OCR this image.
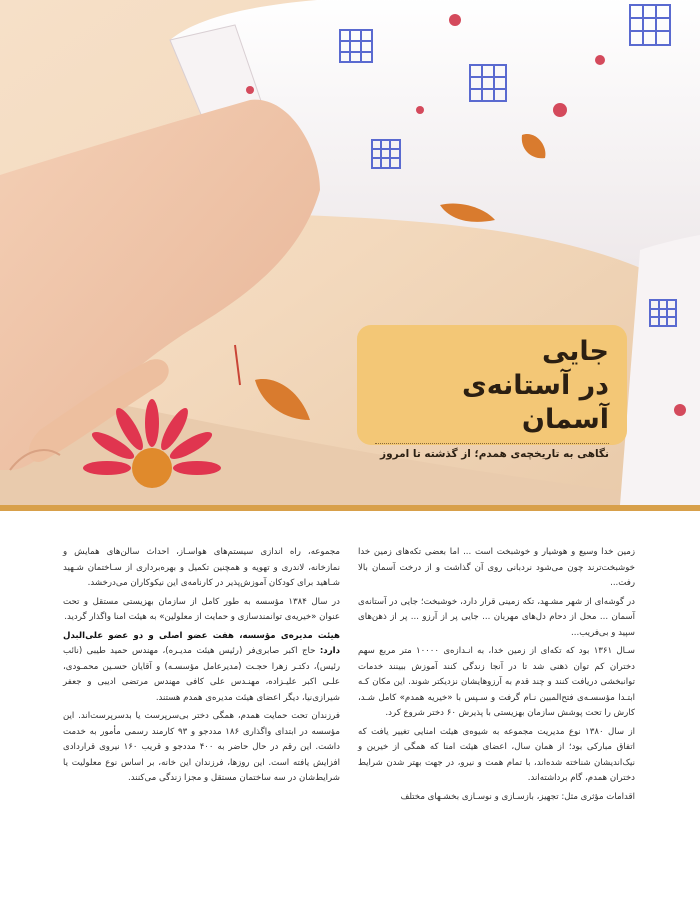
جایی

در آستانه‌ی آسمان

نگاهی به تاریخچه‌ی همدم؛ از گذشته تا امروز

زمین خدا وسیع و هوشیار و خوشبخت است ... اما بعضی تکه‌های زمین خدا خوشبخت‌ترند چون می‌شود نردبانی روی آن گذاشت و از درخت آسمان بالا رفت...

در گوشه‌ای از شهر مشـهد، تکه زمینی قرار دارد، خوشبخت؛ جایی در آستانه‌ی آسمان ... محل از دحام دل‌های مهربان ... جایی پر از آرزو ... پر از ذهن‌های سپید و بی‌فریب...

سـال ۱۳۶۱ بود که تکه‌ای از زمین خدا، به انـدازه‌ی ۱۰۰۰۰ متر مربع سهم دختران کم توان ذهنی شد تا در آنجا زندگی کنند آموزش ببینند خدمات توانبخشی دریافت کنند و چند قدم به آرزوهایشان نزدیکتر شوند. این مکان کـه ابتـدا مؤسسـه‌ی فتح‌المبین نـام گرفت و سـپس با «خیریه همدم» کامل شـد، کارش را تحت پوشش سازمان بهزیستی با پذیرش ۶۰ دختر شروع کرد.

از سال ۱۳۸۰ نوع مدیریت مجموعه به شیوه‌ی هیئت امنایی تغییر یافت که اتفاق مبارکی بود؛ از همان سال، اعضای هیئت امنا که همگی از خیرین و نیک‌اندیشان شناخته شده‌اند، با تمام همت و نیرو، در جهت بهتر شدن شرایط دختران همدم، گام برداشته‌اند.

اقدامات مؤثری مثل: تجهیز، بازسـازی و نوسـازی بخشـهای مختلف

مجموعه، راه اندازی سیستم‌های هواسـاز، احداث سالن‌های همایش و نمازخانه، لاندری و تهویه و همچنین تکمیل و بهره‌برداری از سـاختمان شـهید شـاهید برای کودکان آموزش‌پذیر در کارنامه‌ی این نیکوکاران می‌درخشد.

در سال ۱۳۸۴ مؤسسه به طور کامل از سازمان بهزیستی مستقل و تحت عنوان «خیریه‌ی توانمندسازی و حمایت از معلولین» به هیئت امنا واگذار گردید.

هیئت مدیره‌ی مؤسسه، هفت عضو اصلی و دو عضو علی‌البدل دارد: حاج اکبر صابری‌فر (رئیس هیئت مدیـره)، مهندس حمید طیبی (نائب رئیس)، دکتـر زهرا حجـت (مدیرعامل مؤسسـه) و آقایان حسـین محمـودی، علـی اکبر علیـزاده، مهنـدس علی کافی مهندس مرتضی ادیبی و جعفر شیرازی‌نیا، دیگر اعضای هیئت مدیره‌ی همدم هستند.

فرزندان تحت حمایت همدم، همگی دختر بی‌سرپرست یا بدسرپرست‌اند. این مؤسسه در ابتدای واگذاری ۱۸۶ مددجو و ۹۳ کارمند رسمی مأمور به خدمت داشت. این رقم در حال حاضر به ۴۰۰ مددجو و قریب ۱۶۰ نیروی قراردادی افزایش یافته است. این روزها، فرزندان این خانه، بر اساس نوع معلولیت یا شرایط‌شان در سه ساختمان مستقل و مجزا زندگی می‌کنند.
